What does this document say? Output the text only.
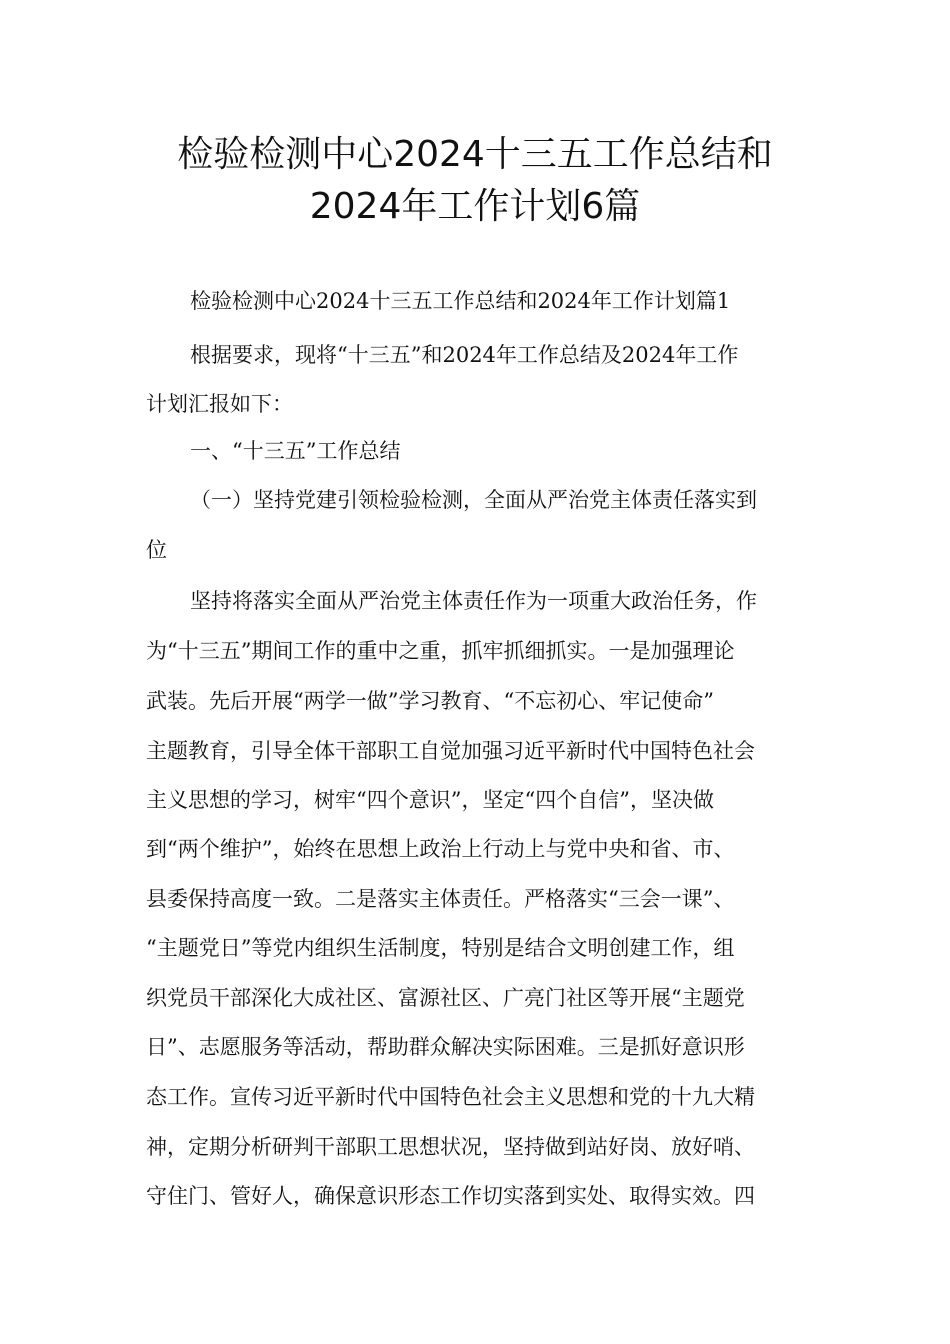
检验检测中心2024十三五工作总结和
2024年工作计划6篇
检验检测中心2024十三五工作总结和2024年工作计划篇1
根据要求，现将“十三五”和2024年工作总结及2024年工作
计划汇报如下：
一、“十三五”工作总结
（一）坚持党建引领检验检测，全面从严治党主体责任落实到
位
坚持将落实全面从严治党主体责任作为一项重大政治任务，作
为“十三五”期间工作的重中之重，抓牢抓细抓实。一是加强理论
武装。先后开展“两学一做”学习教育、“不忘初心、牢记使命”
主题教育，引导全体干部职工自觉加强习近平新时代中国特色社会
主义思想的学习，树牢“四个意识”，坚定“四个自信”，坚决做
到“两个维护”，始终在思想上政治上行动上与党中央和省、市、
县委保持高度一致。二是落实主体责任。严格落实“三会一课”、
“主题党日”等党内组织生活制度，特别是结合文明创建工作，组
织党员干部深化大成社区、富源社区、广亮门社区等开展“主题党
日”、志愿服务等活动，帮助群众解决实际困难。三是抓好意识形
态工作。宣传习近平新时代中国特色社会主义思想和党的十九大精
神，定期分析研判干部职工思想状况，坚持做到站好岗、放好哨、
守住门、管好人，确保意识形态工作切实落到实处、取得实效。四
